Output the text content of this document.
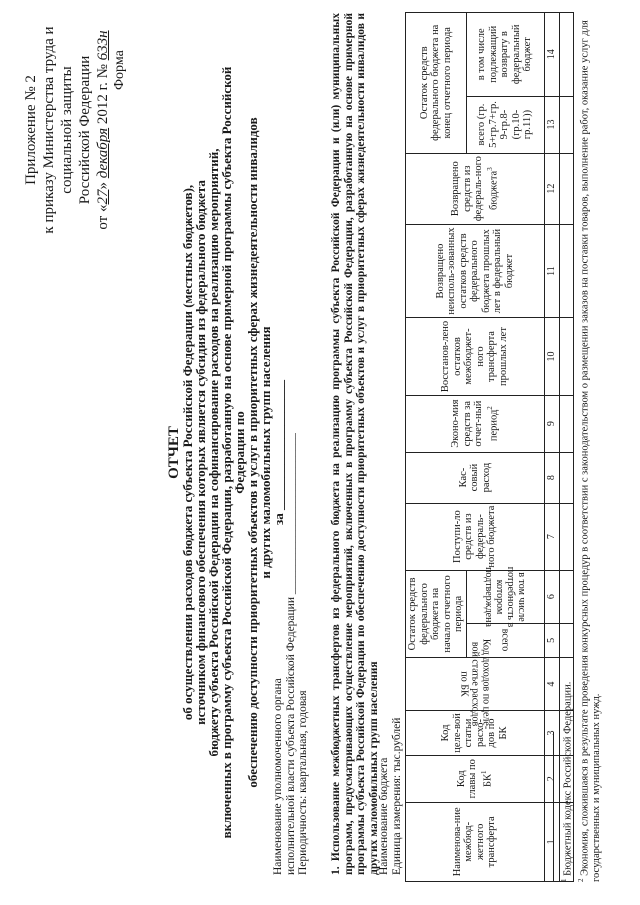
Приложение № 2 к приказу Министерства труда и социальной защиты Российской Федерации
от «27» декабря 2012 г. № 633н
Форма
ОТЧЕТ
об осуществлении расходов бюджета субъекта Российской Федерации (местных бюджетов),
источником финансового обеспечения которых является субсидия из федерального бюджета
бюджету субъекта Российской Федерации на софинансирование расходов на реализацию мероприятий,
включенных в программу субъекта Российской Федерации, разработанную на основе примерной программы субъекта Российской Федерации по
обеспечению доступности приоритетных объектов и услуг в приоритетных сферах жизнедеятельности инвалидов
и других маломобильных групп населения
за ____________________
Наименование уполномоченного органа исполнительной власти субъекта Российской Федерации ____________________________
Периодичность: квартальная, годовая 1. Использование межбюджетных трансфертов из федерального бюджета на реализацию программы субъекта Российской Федерации и (или) муниципальных программ, предусматривающих осуществление мероприятий, включенных в программу субъекта Российской Федерации, разработанную на основе примерной программы субъекта Российской Федерации по обеспечению доступности приоритетных объектов и услуг в приоритетных сферах жизнедеятельности инвалидов и других маломобильных групп населения
Наименование бюджета Единица измерения: тыс.рублей	Наименова-ние межбюд-жетного трансферта	Код главы по $БК^1$	Код целе-вой статьи расхо-дов по БК	Код доходов по целе-вой статье расходов по БК	Остаток средств федерального бюджета на начало отчетного периода		Поступи-ло средств из федераль-ного бюджета	Кас-совый расход	Эконо-мия средств за отчет-ный период$^2$	Восстанов-лено остатков межбюджет-ного трансферта прошлых лет	Возвращено неисполь-зованных остатков средств федерального бюджета прошлых лет в федеральный бюджет	Возвращено средств из федераль-ного бюджета$^3$	Остаток средств федерального бюджета на конец отчетного периода	

				всего	в том числе потребность в котором подтверждена							всего (гр. 5+гр.7+гр. 9-гр.8-(гр.10-гр.11))	в том числе подлежащий возврату в федеральный бюджет
1	2	3	4	5	6	7	8	9	10	11	12	13	14

$^1$ Бюджетный кодекс Российской Федерации.
$^2$ Экономия, сложившаяся в результате проведения конкурсных процедур в соответствии с законодательством о размещении заказов на поставки товаров, выполнение работ, оказание услуг для государственных и муниципальных нужд.
